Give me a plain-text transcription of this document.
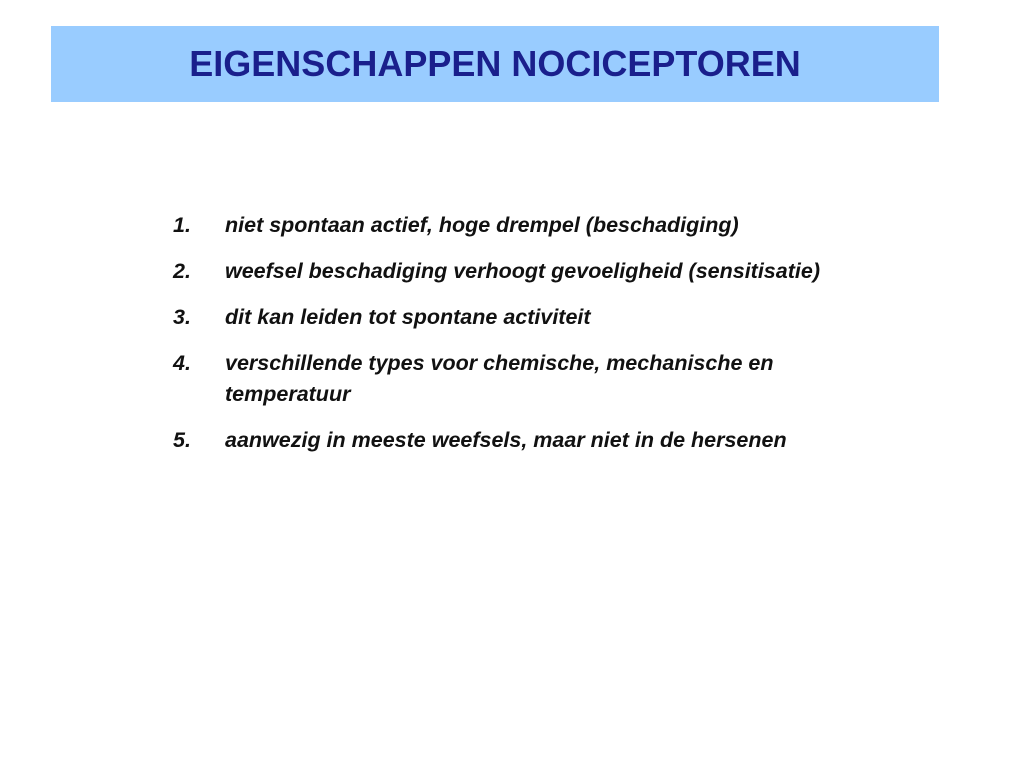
EIGENSCHAPPEN NOCICEPTOREN
1.	niet spontaan actief, hoge drempel (beschadiging)
2.	weefsel beschadiging verhoogt gevoeligheid (sensitisatie)
3.	dit kan leiden tot spontane activiteit
4.	verschillende types voor chemische, mechanische en temperatuur
5.	aanwezig in meeste weefsels, maar niet in de hersenen
